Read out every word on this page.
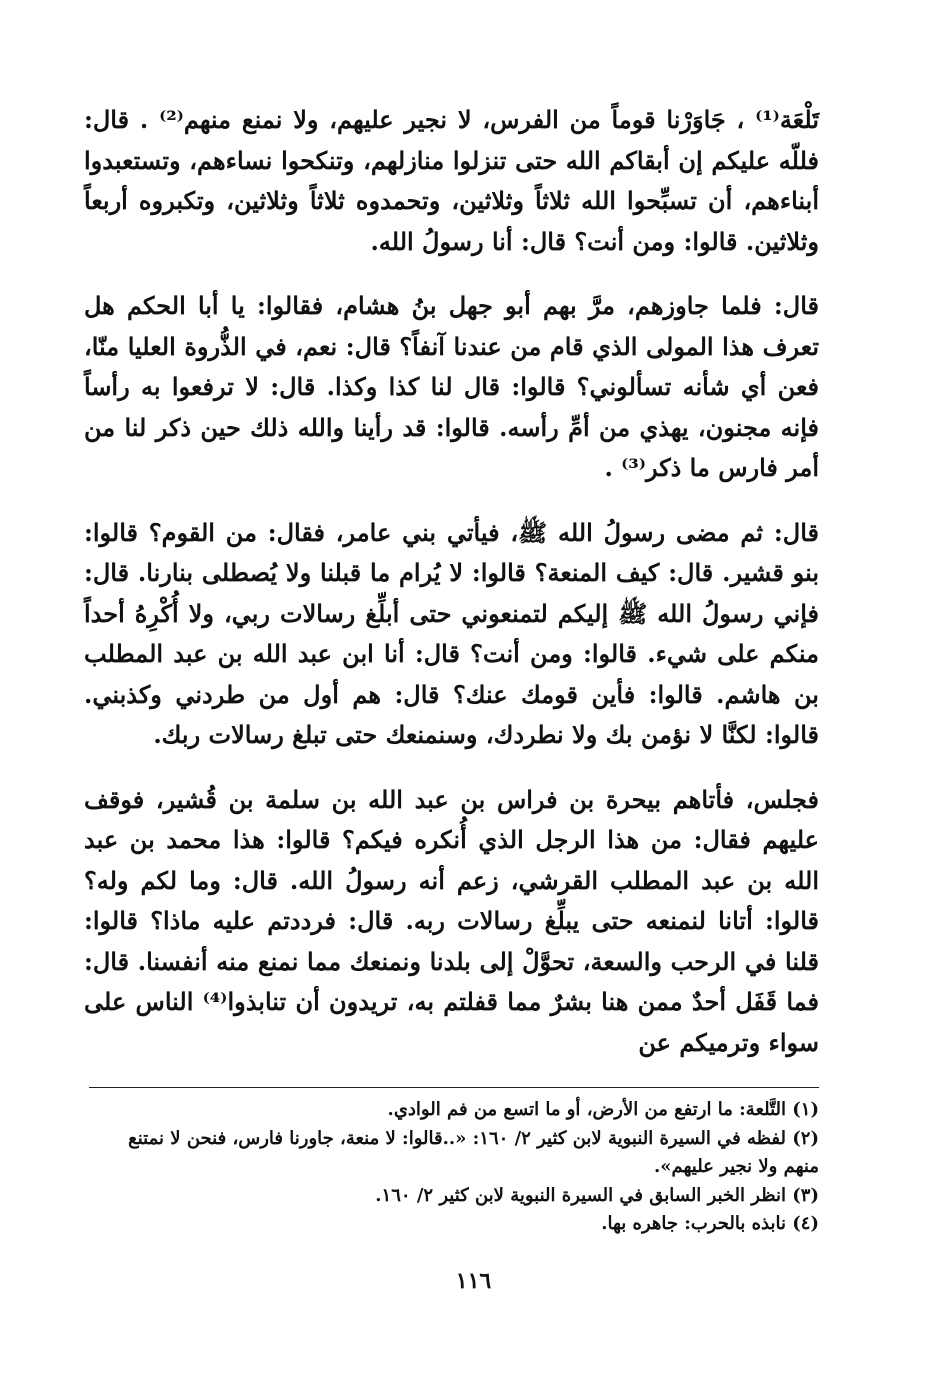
تَلْعَة⁽¹⁾ ، جَاوَرْنا قوماً من الفرس، لا نجير عليهم، ولا نمنع منهم⁽²⁾ . قال: فللّه عليكم إن أبقاكم الله حتى تنزلوا منازلهم، وتنكحوا نساءهم، وتستعبدوا أبناءهم، أن تسبِّحوا الله ثلاثاً وثلاثين، وتحمدوه ثلاثاً وثلاثين، وتكبروه أربعاً وثلاثين. قالوا: ومن أنت؟ قال: أنا رسولُ الله.

قال: فلما جاوزهم، مرَّ بهم أبو جهل بنُ هشام، فقالوا: يا أبا الحكم هل تعرف هذا المولى الذي قام من عندنا آنفاً؟ قال: نعم، في الذُّروة العليا منّا، فعن أي شأنه تسألوني؟ قالوا: قال لنا كذا وكذا. قال: لا ترفعوا به رأساً فإنه مجنون، يهذي من أمِّ رأسه. قالوا: قد رأينا والله ذلك حين ذكر لنا من أمر فارس ما ذكر⁽³⁾ .

قال: ثم مضى رسولُ الله ﷺ، فيأتي بني عامر، فقال: من القوم؟ قالوا: بنو قشير. قال: كيف المنعة؟ قالوا: لا يُرام ما قبلنا ولا يُصطلى بنارنا. قال: فإني رسولُ الله ﷺ إليكم لتمنعوني حتى أبلِّغ رسالات ربي، ولا أُكْرِهُ أحداً منكم على شيء. قالوا: ومن أنت؟ قال: أنا ابن عبد الله بن عبد المطلب بن هاشم. قالوا: فأين قومك عنك؟ قال: هم أول من طردني وكذبني. قالوا: لكنَّا لا نؤمن بك ولا نطردك، وسنمنعك حتى تبلغ رسالات ربك.

فجلس، فأتاهم بيحرة بن فراس بن عبد الله بن سلمة بن قُشير، فوقف عليهم فقال: من هذا الرجل الذي أُنكره فيكم؟ قالوا: هذا محمد بن عبد الله بن عبد المطلب القرشي، زعم أنه رسولُ الله. قال: وما لكم وله؟ قالوا: أتانا لنمنعه حتى يبلِّغ رسالات ربه. قال: فرددتم عليه ماذا؟ قالوا: قلنا في الرحب والسعة، تحوَّلْ إلى بلدنا ونمنعك مما نمنع منه أنفسنا. قال: فما قَفَل أحدٌ ممن هنا بشرٌ مما قفلتم به، تريدون أن تنابذوا⁽⁴⁾ الناس على سواء وترميكم عن

(١) التَّلعة: ما ارتفع من الأرض، أو ما اتسع من فم الوادي.

(٢) لفظه في السيرة النبوية لابن كثير ٢/ ١٦٠: «..قالوا: لا منعة، جاورنا فارس، فنحن لا نمتنع منهم ولا نجير عليهم».

(٣) انظر الخبر السابق في السيرة النبوية لابن كثير ٢/ ١٦٠.

(٤) نابذه بالحرب: جاهره بها.

١١٦
